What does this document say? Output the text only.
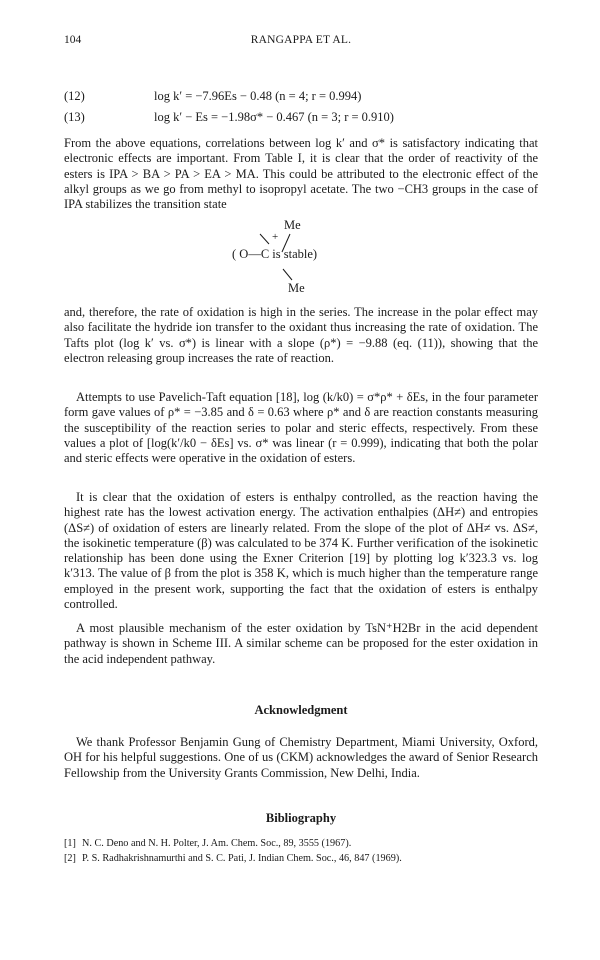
104	RANGAPPA ET AL.
(12)	log k′ = −7.96Es − 0.48 (n = 4; r = 0.994)
(13)	log k′ − Es = −1.98σ* − 0.467 (n = 3; r = 0.910)

From the above equations, correlations between log k′ and σ* is satisfactory indicating that electronic effects are important. From Table I, it is clear that the order of reactivity of the esters is IPA > BA > PA > EA > MA. This could be attributed to the electronic effect of the alkyl groups as we go from methyl to isopropyl acetate. The two −CH3 groups in the case of IPA stabilizes the transition state

Me
+
( O—C is stable)
Me

and, therefore, the rate of oxidation is high in the series. The increase in the polar effect may also facilitate the hydride ion transfer to the oxidant thus increasing the rate of oxidation. The Tafts plot (log k′ vs. σ*) is linear with a slope (ρ*) = −9.88 (eq. (11)), showing that the electron releasing group increases the rate of reaction.

Attempts to use Pavelich-Taft equation [18], log (k/k0) = σ*ρ* + δEs, in the four parameter form gave values of ρ* = −3.85 and δ = 0.63 where ρ* and δ are reaction constants measuring the susceptibility of the reaction series to polar and steric effects, respectively. From these values a plot of [log(k′/k0 − δEs] vs. σ* was linear (r = 0.999), indicating that both the polar and steric effects were operative in the oxidation of esters.

It is clear that the oxidation of esters is enthalpy controlled, as the reaction having the highest rate has the lowest activation energy. The activation enthalpies (ΔH≠) and entropies (ΔS≠) of oxidation of esters are linearly related. From the slope of the plot of ΔH≠ vs. ΔS≠, the isokinetic temperature (β) was calculated to be 374 K. Further verification of the isokinetic relationship has been done using the Exner Criterion [19] by plotting log k′323.3 vs. log k′313. The value of β from the plot is 358 K, which is much higher than the temperature range employed in the present work, supporting the fact that the oxidation of esters is enthalpy controlled.

A most plausible mechanism of the ester oxidation by TsN⁺H2Br in the acid dependent pathway is shown in Scheme III. A similar scheme can be proposed for the ester oxidation in the acid independent pathway.

Acknowledgment

We thank Professor Benjamin Gung of Chemistry Department, Miami University, Oxford, OH for his helpful suggestions. One of us (CKM) acknowledges the award of Senior Research Fellowship from the University Grants Commission, New Delhi, India.

Bibliography
[1] N. C. Deno and N. H. Polter, J. Am. Chem. Soc., 89, 3555 (1967).
[2] P. S. Radhakrishnamurthi and S. C. Pati, J. Indian Chem. Soc., 46, 847 (1969).
